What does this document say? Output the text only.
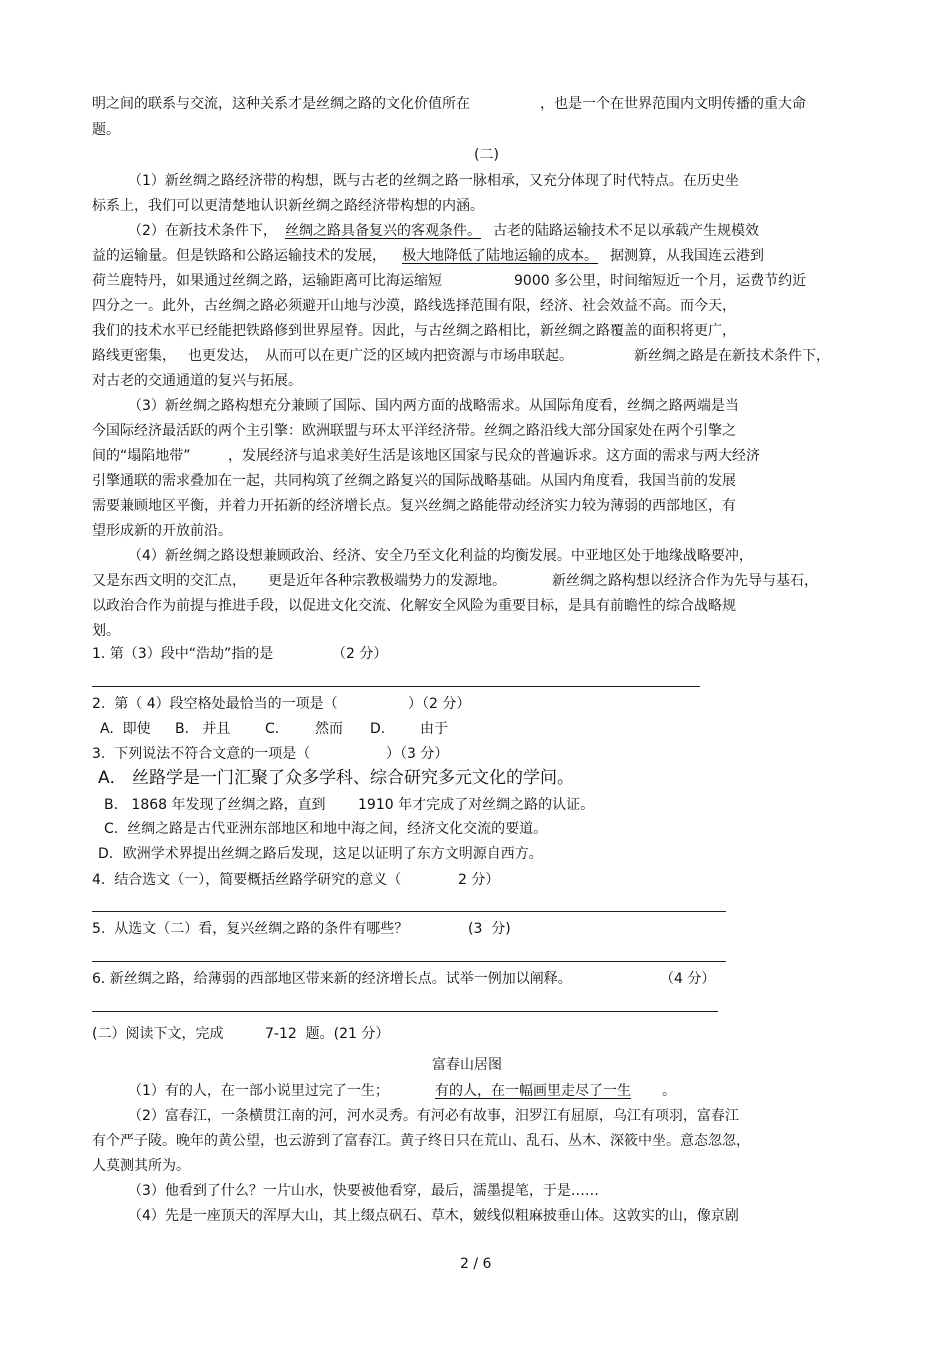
明之间的联系与交流，这种关系才是丝绸之路的文化价值所在	，也是一个在世界范围内文明传播的重大命
题。
(二)
（1）新丝绸之路经济带的构想，既与古老的丝绸之路一脉相承，又充分体现了时代特点。在历史坐
标系上，我们可以更清楚地认识新丝绸之路经济带构想的内涵。
（2）在新技术条件下， 丝绸之路具备复兴的客观条件。 古老的陆路运输技术不足以承载产生规模效
益的运输量。但是铁路和公路运输技术的发展， 极大地降低了陆地运输的成本。 据测算，从我国连云港到
荷兰鹿特丹，如果通过丝绸之路，运输距离可比海运缩短	9000 多公里，时间缩短近一个月，运费节约近
四分之一。此外，古丝绸之路必须避开山地与沙漠，路线选择范围有限，经济、社会效益不高。而今天，
我们的技术水平已经能把铁路修到世界屋脊。因此，与古丝绸之路相比，新丝绸之路覆盖的面积将更广，
路线更密集， 也更发达， 从而可以在更广泛的区域内把资源与市场串联起。	新丝绸之路是在新技术条件下，
对古老的交通通道的复兴与拓展。
（3）新丝绸之路构想充分兼顾了国际、国内两方面的战略需求。从国际角度看，丝绸之路两端是当
今国际经济最活跃的两个主引擎：欧洲联盟与环太平洋经济带。丝绸之路沿线大部分国家处在两个引擎之
间的“塌陷地带”	，发展经济与追求美好生活是该地区国家与民众的普遍诉求。这方面的需求与两大经济
引擎通联的需求叠加在一起，共同构筑了丝绸之路复兴的国际战略基础。从国内角度看，我国当前的发展
需要兼顾地区平衡，并着力开拓新的经济增长点。复兴丝绸之路能带动经济实力较为薄弱的西部地区，有
望形成新的开放前沿。
（4）新丝绸之路设想兼顾政治、经济、安全乃至文化利益的均衡发展。中亚地区处于地缘战略要冲，
又是东西文明的交汇点， 更是近年各种宗教极端势力的发源地。	新丝绸之路构想以经济合作为先导与基石，
以政治合作为前提与推进手段，以促进文化交流、化解安全风险为重要目标，是具有前瞻性的综合战略规
划。
1. 第（3）段中“浩劫”指的是	（2 分）
2.  第（ 4）段空格处最恰当的一项是（	）（2 分）
A.  即使 B.   并且 C.	然而 D. 由于
3.  下列说法不符合文意的一项是（	）（3 分）
A． 丝路学是一门汇聚了众多学科、综合研究多元文化的学问。
B.   1868 年发现了丝绸之路，直到 1910 年才完成了对丝绸之路的认证。
C.  丝绸之路是古代亚洲东部地区和地中海之间，经济文化交流的要道。
D．欧洲学术界提出丝绸之路后发现，这足以证明了东方文明源自西方。
4.  结合选文（一），简要概括丝路学研究的意义（	2 分）
5.  从选文（二）看，复兴丝绸之路的条件有哪些？	(3  分)
6. 新丝绸之路，给薄弱的西部地区带来新的经济增长点。试举一例加以阐释。	（4 分）
(二）阅读下文，完成	7-12  题。(21 分）
富春山居图
（1）有的人，在一部小说里过完了一生；	有的人，在一幅画里走尽了一生 。
（2）富春江，一条横贯江南的河，河水灵秀。有河必有故事，汨罗江有屈原，乌江有项羽，富春江
有个严子陵。晚年的黄公望，也云游到了富春江。黄子终日只在荒山、乱石、丛木、深筱中坐。意态忽忽，
人莫测其所为。
（3）他看到了什么？一片山水，快要被他看穿，最后，濡墨提笔，于是……
（4）先是一座顶天的浑厚大山，其上缀点矾石、草木，皴线似粗麻披垂山体。这敦实的山，像京剧
2 / 6
